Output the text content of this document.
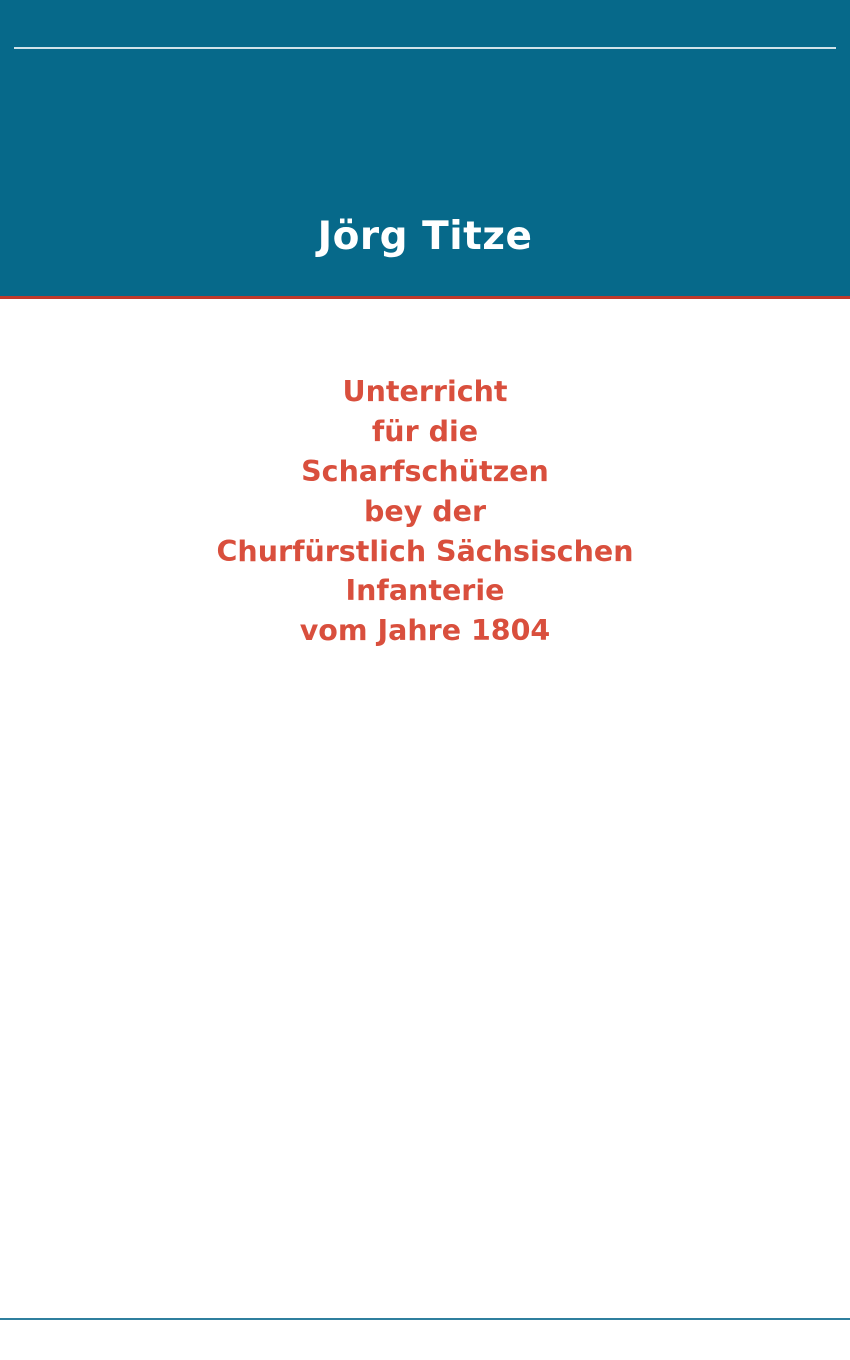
Jörg Titze
Unterricht
für die
Scharfschützen
bey der
Churfürstlich Sächsischen
Infanterie
vom Jahre 1804
